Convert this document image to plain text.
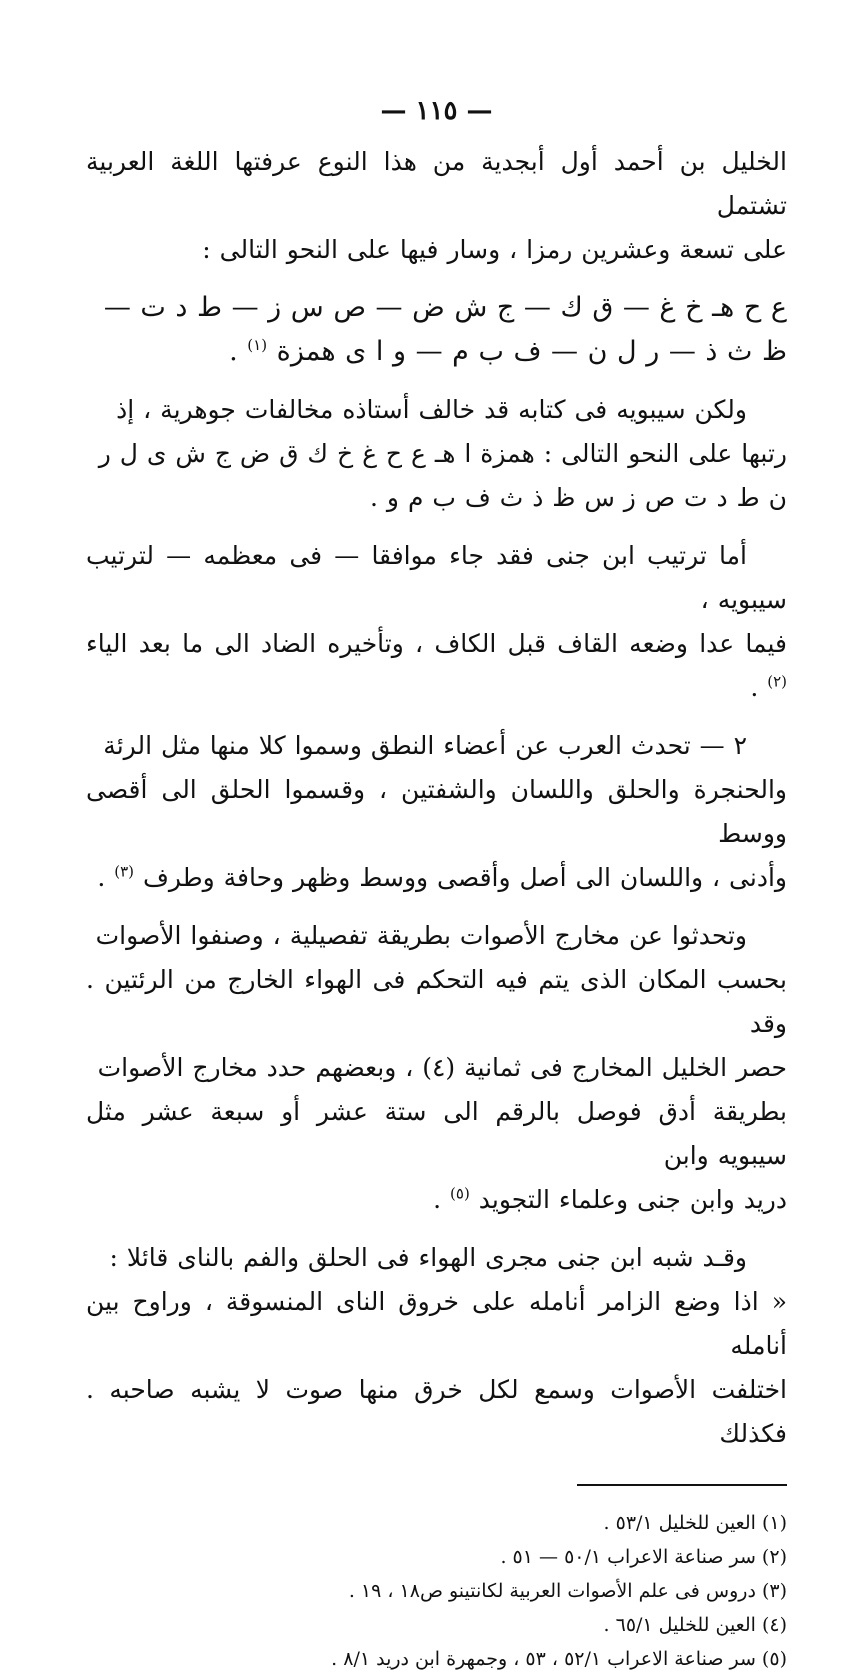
— ١١٥ —

الخليل بن أحمد أول أبجدية من هذا النوع عرفتها اللغة العربية تشتمل

على تسعة وعشرين رمزا ، وسار فيها على النحو التالى :

ع ح هـ خ غ — ق ك — ج ش ض — ص س ز — ط د ت —

ظ ث ذ — ر ل ن — ف ب م — و ا ى همزة $^{(١)}$ .

ولكن سيبويه فى كتابه قد خالف أستاذه مخالفات جوهرية ، إذ

رتبها على النحو التالى : همزة ا هـ ع ح غ خ ك ق ض ج ش ى ل ر

ن ط د ت ص ز س ظ ذ ث ف ب م و .

أما ترتيب ابن جنى فقد جاء موافقا — فى معظمه — لترتيب سيبويه ،

فيما عدا وضعه القاف قبل الكاف ، وتأخيره الضاد الى ما بعد الياء $^{(٢)}$ .

٢ — تحدث العرب عن أعضاء النطق وسموا كلا منها مثل الرئة

والحنجرة والحلق واللسان والشفتين ، وقسموا الحلق الى أقصى ووسط

وأدنى ، واللسان الى أصل وأقصى ووسط وظهر وحافة وطرف $^{(٣)}$ .

وتحدثوا عن مخارج الأصوات بطريقة تفصيلية ، وصنفوا الأصوات

بحسب المكان الذى يتم فيه التحكم فى الهواء الخارج من الرئتين . وقد

حصر الخليل المخارج فى ثمانية (٤) ، وبعضهم حدد مخارج الأصوات

بطريقة أدق فوصل بالرقم الى ستة عشر أو سبعة عشر مثل سيبويه وابن

دريد وابن جنى وعلماء التجويد $^{(٥)}$ .

وقـد شبه ابن جنى مجرى الهواء فى الحلق والفم بالناى قائلا :

« اذا وضع الزامر أنامله على خروق الناى المنسوقة ، وراوح بين أنامله

اختلفت الأصوات وسمع لكل خرق منها صوت لا يشبه صاحبه . فكذلك

(١) العين للخليل ٥٣/١ .
(٢) سر صناعة الاعراب ٥٠/١ — ٥١ .
(٣) دروس فى علم الأصوات العربية لكانتينو ص١٨ ، ١٩ .
(٤) العين للخليل ٦٥/١ .
(٥) سر صناعة الاعراب ٥٢/١ ، ٥٣ ، وجمهرة ابن دريد ٨/١ .
